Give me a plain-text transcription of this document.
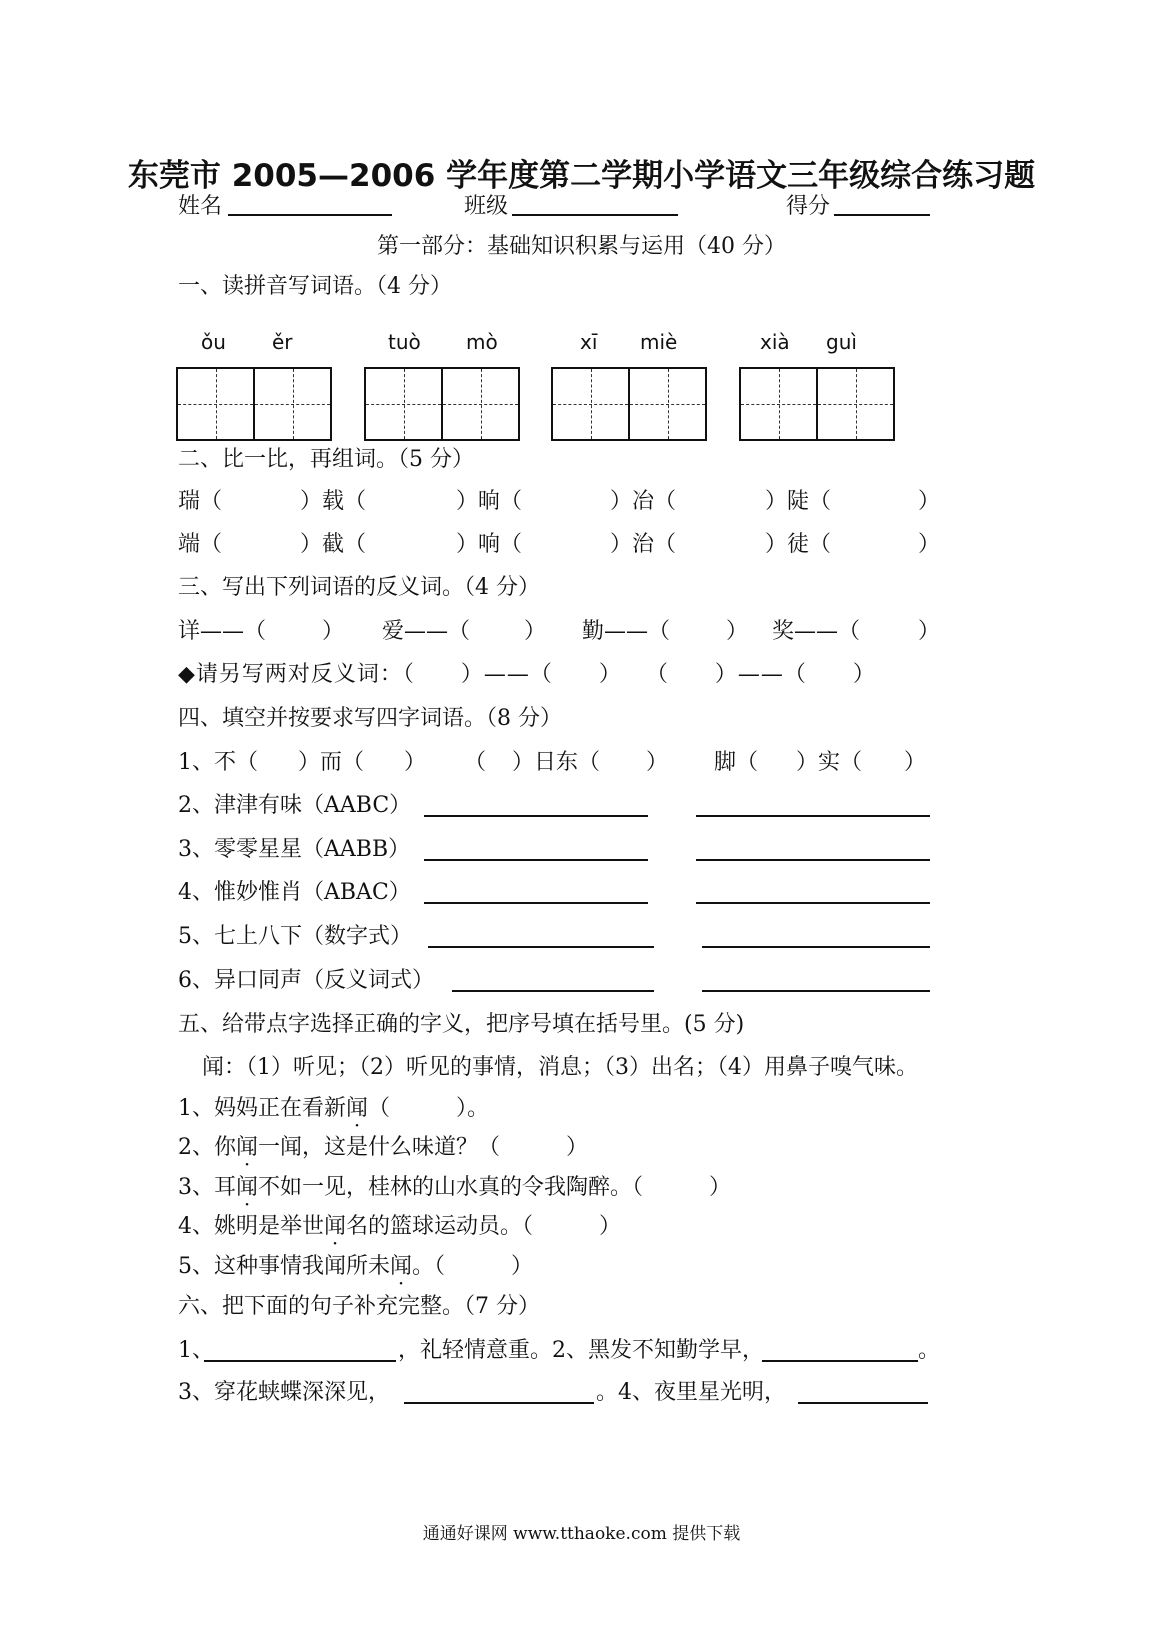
东莞市 2005—2006 学年度第二学期小学语文三年级综合练习题
姓名	班级	得分
第一部分：基础知识积累与运用（40 分）
一、读拼音写词语。（4 分）
ǒu ěr	tuò mò	xī miè	xià guì
二、比一比，再组词。（5 分）
瑞（	）载（	）晌（	）冶（	）陡（	）
端（	）截（	）响（	）治（	）徒（	）
三、写出下列词语的反义词。（4 分）
详——（	） 爱——（ ） 勤——（	） 奖——（	）
◆请另写两对反义词：（　　）——（　　）　　（　　）——（　　）
四、填空并按要求写四字词语。（8 分）
1、不（ ）而（ ） （ ）日东（ ） 脚（ ）实（ ）
2、津津有味（AABC）
3、零零星星（AABB）
4、惟妙惟肖（ABAC）
5、七上八下（数字式）
6、异口同声（反义词式）
五、给带点字选择正确的字义，把序号填在括号里。(5 分)
闻：（1）听见；（2）听见的事情，消息；（3）出名；（4）用鼻子嗅气味。
1、妈妈正在看新闻（　　　）。
2、你闻一闻，这是什么味道？（　　　）
3、耳闻不如一见，桂林的山水真的令我陶醉。（　　　）
4、姚明是举世闻名的篮球运动员。（　　　）
5、这种事情我闻所未闻。（　　　）
六、把下面的句子补充完整。（7 分）
1、	，礼轻情意重。2、黑发不知勤学早，	。
3、穿花蛱蝶深深见，	。4、夜里星光明，
通通好课网 www.tthaoke.com 提供下载
